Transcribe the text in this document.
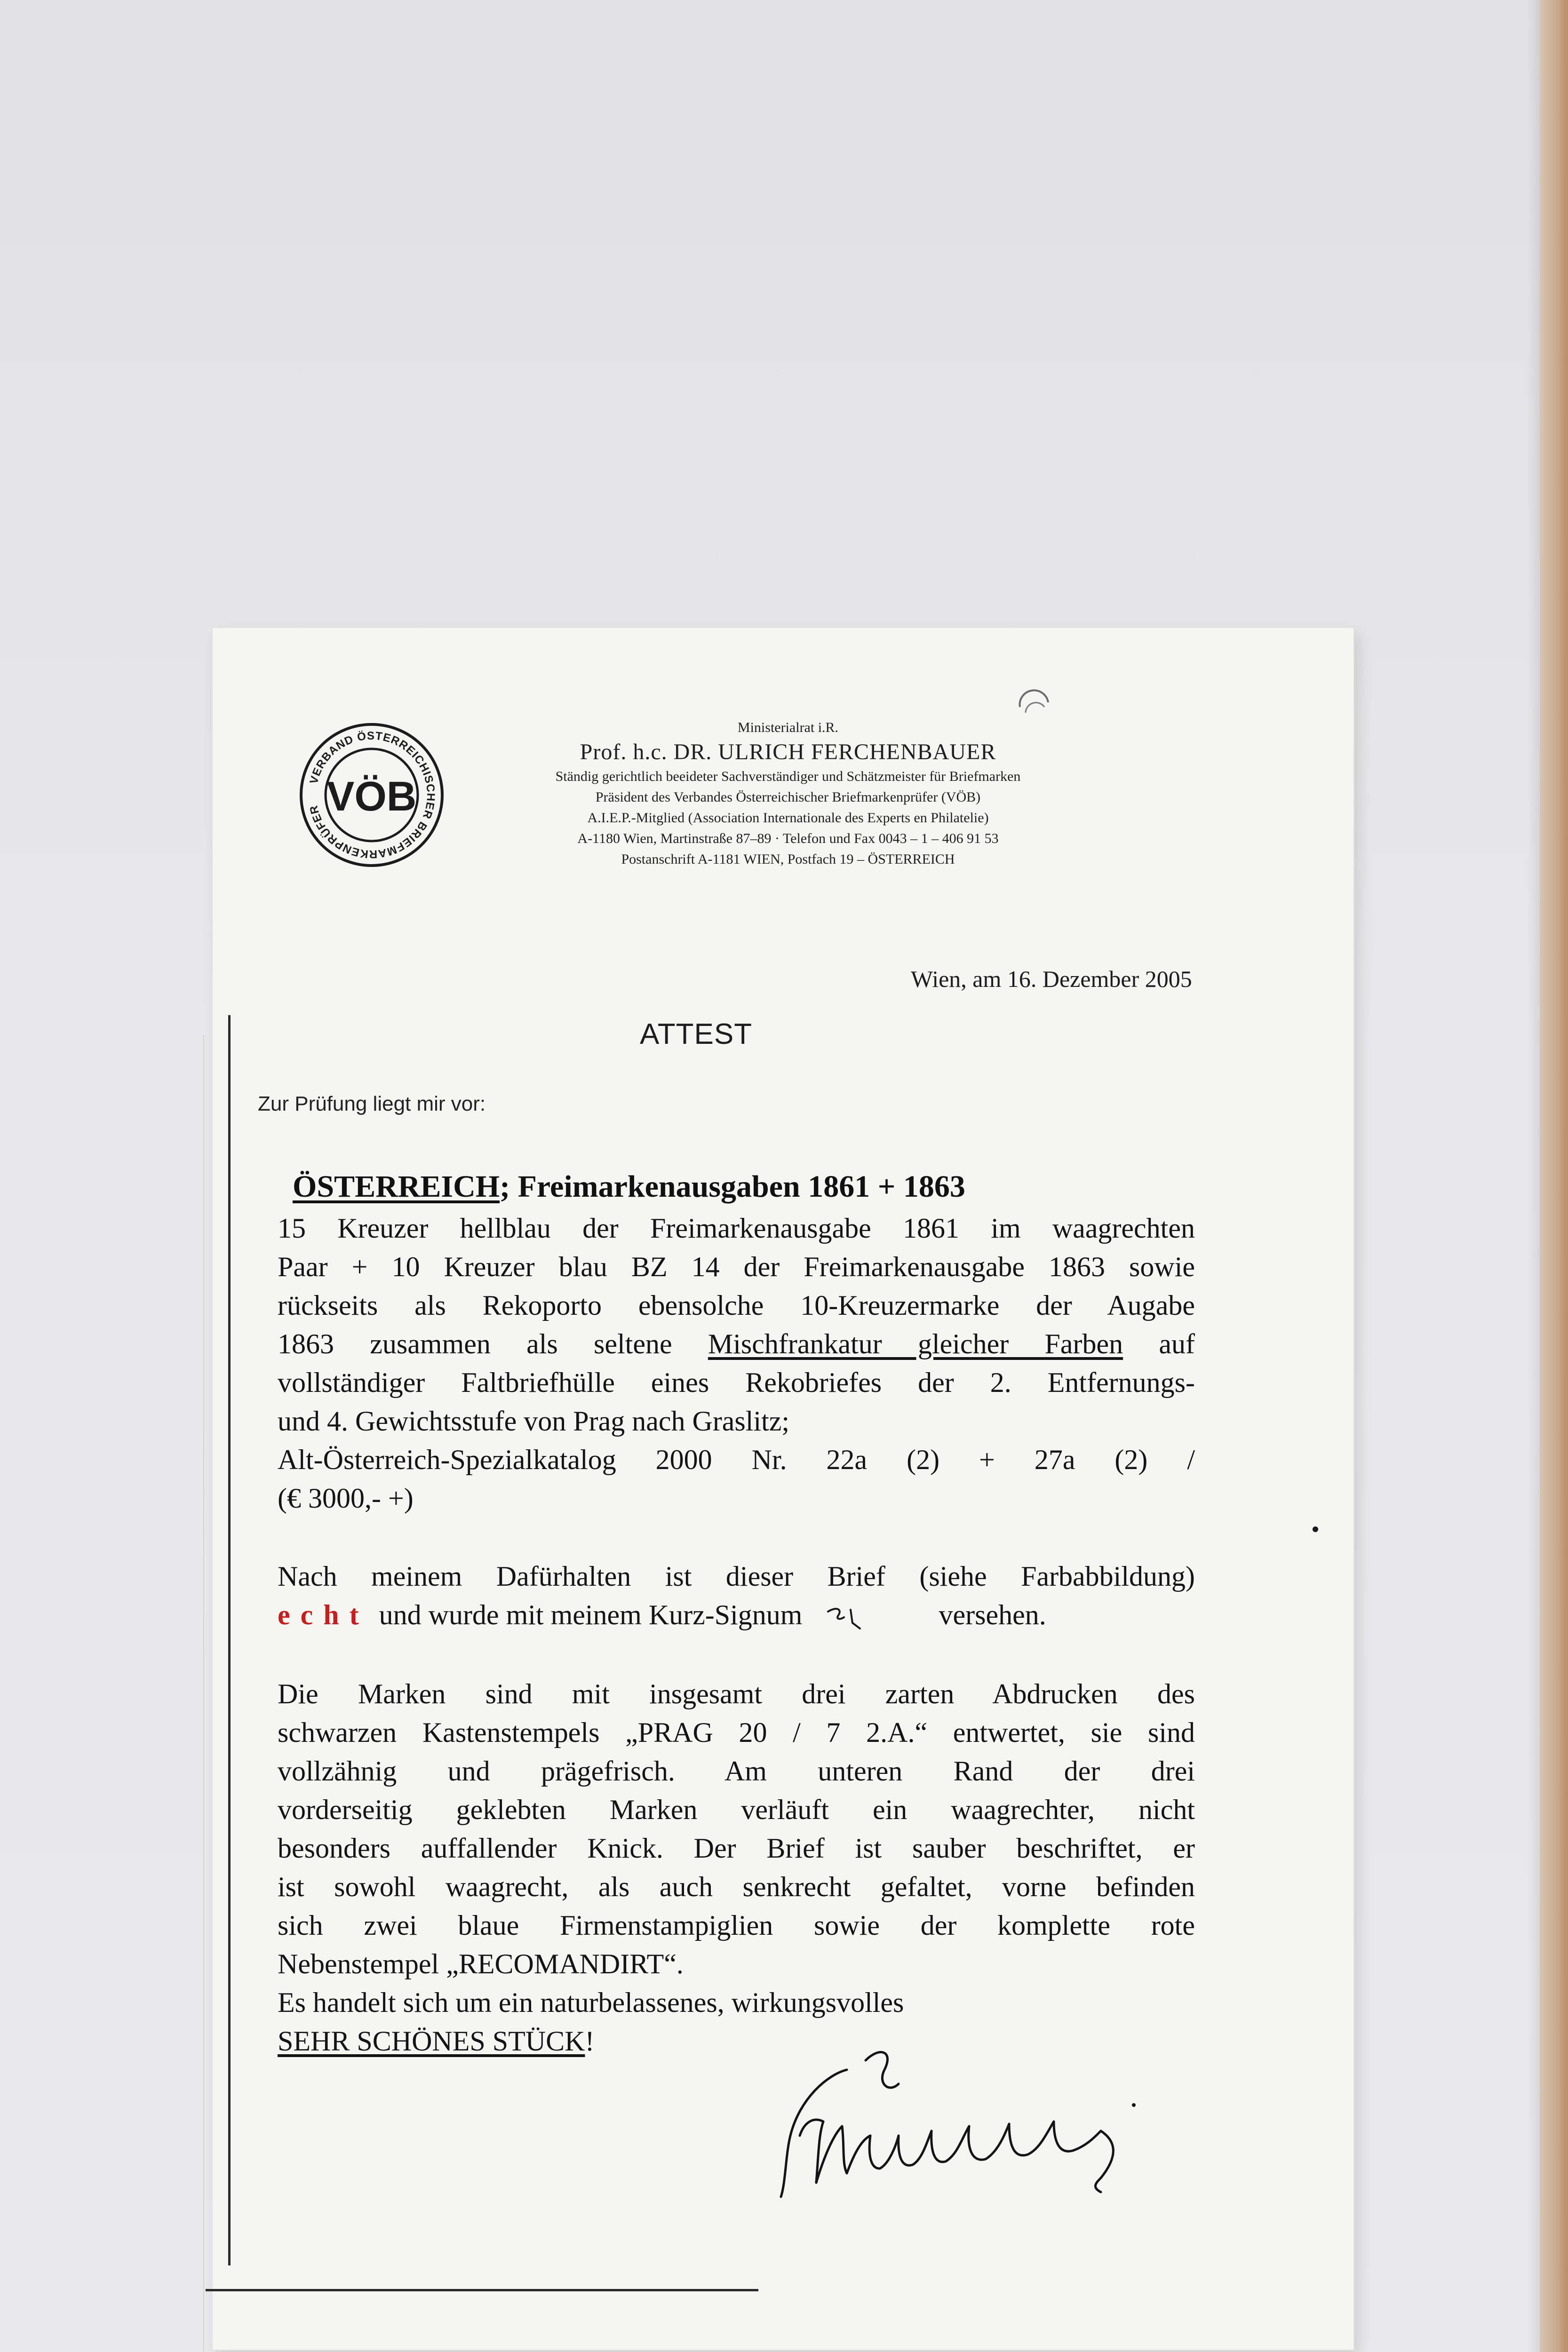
VERBAND ÖSTERREICHISCHER BRIEFMARKENPRÜFER VÖB
Ministerialrat i.R.
Prof. h.c. DR. ULRICH FERCHENBAUER
Ständig gerichtlich beeideter Sachverständiger und Schätzmeister für Briefmarken
Präsident des Verbandes Österreichischer Briefmarkenprüfer (VÖB)
A.I.E.P.-Mitglied (Association Internationale des Experts en Philatelie)
A-1180 Wien, Martinstraße 87–89 · Telefon und Fax 0043 – 1 – 406 91 53
Postanschrift A-1181 WIEN, Postfach 19 – ÖSTERREICH
Wien, am 16. Dezember 2005
ATTEST
Zur Prüfung liegt mir vor:
ÖSTERREICH; Freimarkenausgaben 1861 + 1863
15 Kreuzer hellblau der Freimarkenausgabe 1861 im waagrechten
Paar + 10 Kreuzer blau BZ 14 der Freimarkenausgabe 1863 sowie
rückseits als Rekoporto ebensolche 10-Kreuzermarke der Augabe
1863 zusammen als seltene Mischfrankatur gleicher Farben auf
vollständiger Faltbriefhülle eines Rekobriefes der 2. Entfernungs-
und 4. Gewichtsstufe von Prag nach Graslitz;
Alt-Österreich-Spezialkatalog 2000 Nr. 22a (2) + 27a (2) /
(€ 3000,- +)
Nach meinem Dafürhalten ist dieser Brief (siehe Farbabbildung)
echt und wurde mit meinem Kurz-Signum	versehen.
Die Marken sind mit insgesamt drei zarten Abdrucken des
schwarzen Kastenstempels „PRAG 20 / 7 2.A.“ entwertet, sie sind
vollzähnig und prägefrisch. Am unteren Rand der drei
vorderseitig geklebten Marken verläuft ein waagrechter, nicht
besonders auffallender Knick. Der Brief ist sauber beschriftet, er
ist sowohl waagrecht, als auch senkrecht gefaltet, vorne befinden
sich zwei blaue Firmenstampiglien sowie der komplette rote
Nebenstempel „RECOMANDIRT“.
Es handelt sich um ein naturbelassenes, wirkungsvolles
SEHR SCHÖNES STÜCK!
